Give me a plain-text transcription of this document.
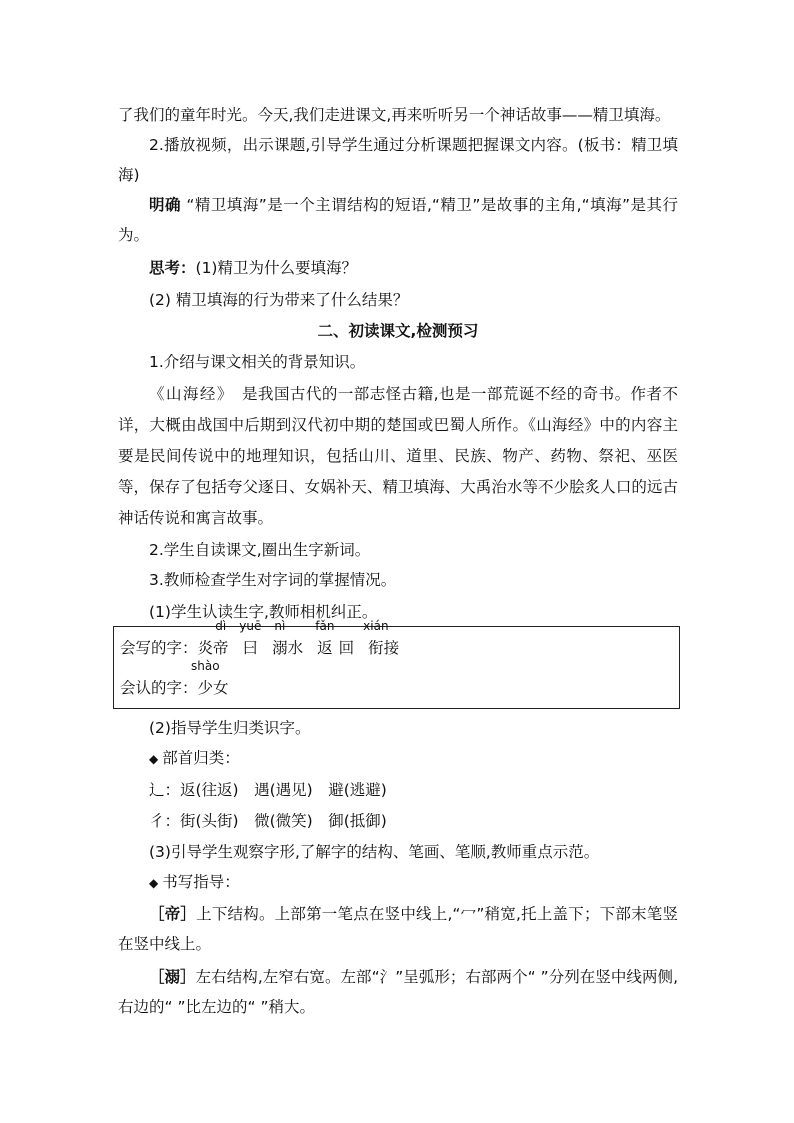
了我们的童年时光。今天,我们走进课文,再来听听另一个神话故事——精卫填海。
2.播放视频，出示课题,引导学生通过分析课题把握课文内容。(板书：精卫填海)
明确 “精卫填海”是一个主谓结构的短语,“精卫”是故事的主角,“填海”是其行为。
思考：(1)精卫为什么要填海？
(2) 精卫填海的行为带来了什么结果？
二、初读课文,检测预习
1.介绍与课文相关的背景知识。
《山海经》　是我国古代的一部志怪古籍,也是一部荒诞不经的奇书。作者不详，大概由战国中后期到汉代初中期的楚国或巴蜀人所作。《山海经》中的内容主要是民间传说中的地理知识，包括山川、道里、民族、物产、药物、祭祀、巫医等，保存了包括夸父逐日、女娲补天、精卫填海、大禹治水等不少脍炙人口的远古神话传说和寓言故事。
2.学生自读课文,圈出生字新词。
3.教师检查学生对字词的掌握情况。
(1)学生认读生字,教师相机纠正。
会写的字：炎
dì
帝
yuē
曰
nì
溺水
fǎn
返 回
xián
衔接
会认的字：
shào
少女
(2)指导学生归类识字。
◆ 部首归类：
辶：返(往返)　遇(遇见)　避(逃避)
彳：街(头街)　微(微笑)　御(抵御)
(3)引导学生观察字形,了解字的结构、笔画、笔顺,教师重点示范。
◆ 书写指导：
［帝］上下结构。上部第一笔点在竖中线上,“冖”稍宽,托上盖下；下部末笔竖在竖中线上。
［溺］左右结构,左窄右宽。左部“氵”呈弧形；右部两个“ ”分列在竖中线两侧,右边的“ ”比左边的“ ”稍大。
